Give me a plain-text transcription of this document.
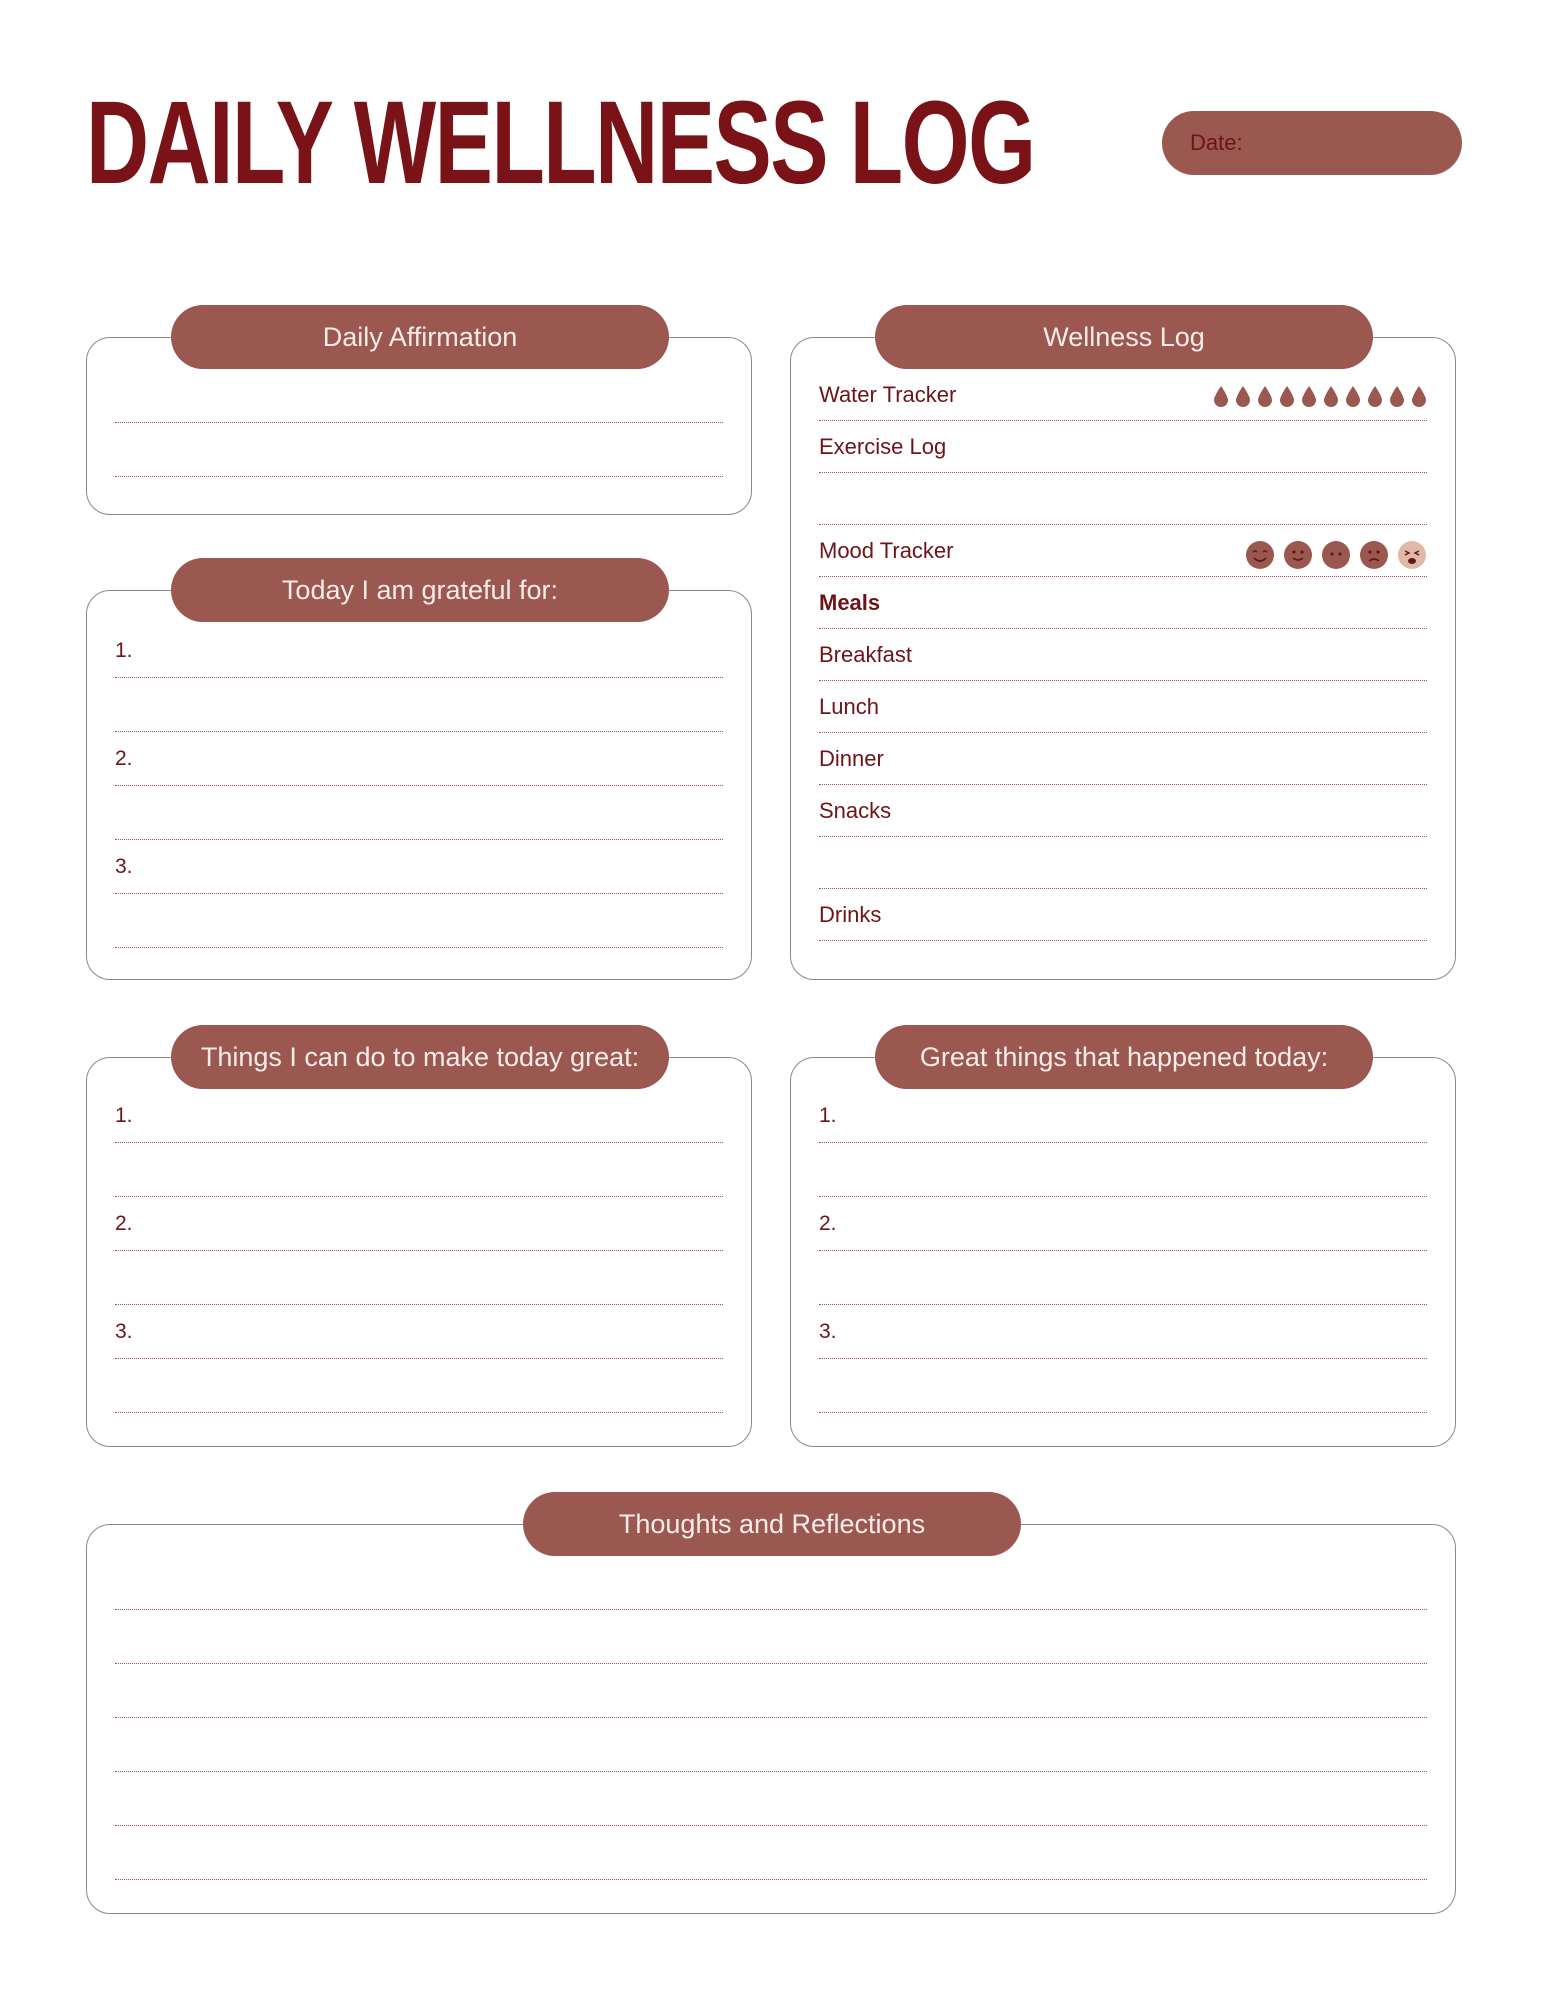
DAILY WELLNESS LOG	Date:
Daily Affirmation
1.
2.
3.
Today I am grateful for:
Water Tracker
Exercise Log
Mood Tracker
Meals
Breakfast
Lunch
Dinner
Snacks
Drinks
Wellness Log
1.
2.
3.
Things I can do to make today great:
1.
2.
3.
Great things that happened today:
Thoughts and Reflections
